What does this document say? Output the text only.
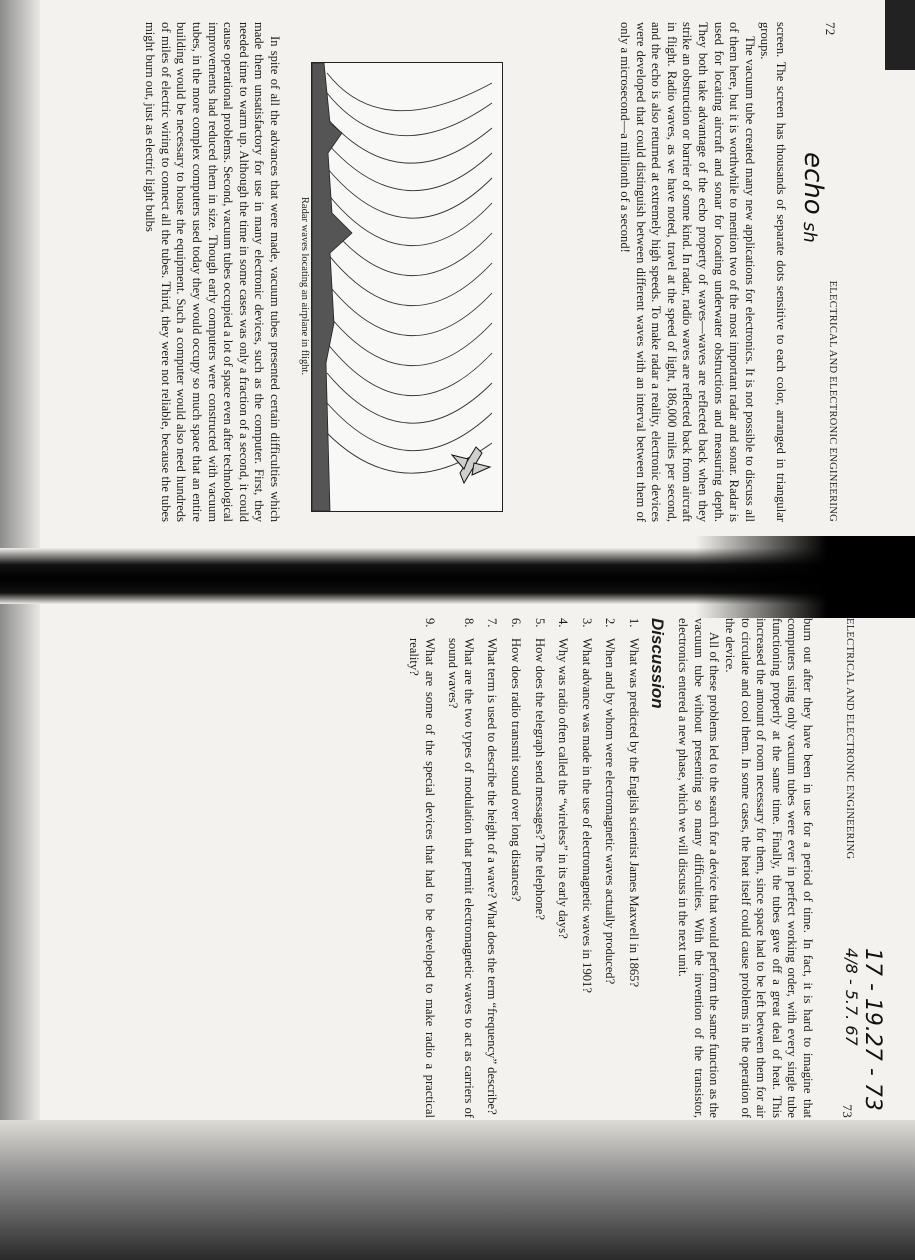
72
ELECTRICAL AND ELECTRONIC ENGINEERING
echo
sh

screen. The screen has thousands of separate dots sensitive to each color, arranged in triangular groups.

The vacuum tube created many new applications for electronics. It is not possible to discuss all of them here, but it is worthwhile to mention two of the most important radar and sonar. Radar is used for locating aircraft and sonar for locating underwater obstructions and measuring depth. They both take advantage of the echo property of waves—waves are reflected back when they strike an obstruction or barrier of some kind. In radar, radio waves are reflected back from aircraft in flight. Radio waves, as we have noted, travel at the speed of light, 186,000 miles per second, and the echo is also returned at extremely high speeds. To make radar a reality, electronic devices were developed that could distinguish between different waves with an interval between them of only a microsecond—a millionth of a second!

Radar waves locating an airplane in flight.

In spite of all the advances that were made, vacuum tubes presented certain difficulties which made them unsatisfactory for use in many electronic devices, such as the computer. First, they needed time to warm up. Although the time in some cases was only a fraction of a second, it could cause operational problems. Second, vacuum tubes occupied a lot of space even after technological improvements had reduced them in size. Though early computers were constructed with vacuum tubes, in the more complex computers used today they would occupy so much space that an entire building would be necessary to house the equipment. Such a computer would also need hundreds of miles of electric wiring to connect all the tubes. Third, they were not reliable, because the tubes might burn out, just as electric light bulbs

ELECTRICAL AND ELECTRONIC ENGINEERING
73
17 - 19.27 - 73
4/8 - 5.7. 67

burn out after they have been in use for a period of time. In fact, it is hard to imagine that computers using only vacuum tubes were ever in perfect working order, with every single tube functioning properly at the same time. Finally, the tubes gave off a great deal of heat. This increased the amount of room necessary for them, since space had to be left between them for air to circulate and cool them. In some cases, the heat itself could cause problems in the operation of the device.

All of these problems led to the search for a device that would perform the same function as the vacuum tube without presenting so many difficulties. With the invention of the transistor, electronics entered a new phase, which we will discuss in the next unit.

Discussion
1.
What was predicted by the English scientist James Maxwell in 1865?
2.
When and by whom were electromagnetic waves actually produced?
3.
What advance was made in the use of electromagnetic waves in 1901?
4.
Why was radio often called the “wireless” in its early days?
5.
How does the telegraph send messages? The telephone?
6.
How does radio transmit sound over long distances?
7.
What term is used to describe the height of a wave? What does the term “frequency” describe?
8.
What are the two types of modulation that permit electromagnetic waves to act as carriers of sound waves?
9.
What are some of the special devices that had to be developed to make radio a practical reality?
